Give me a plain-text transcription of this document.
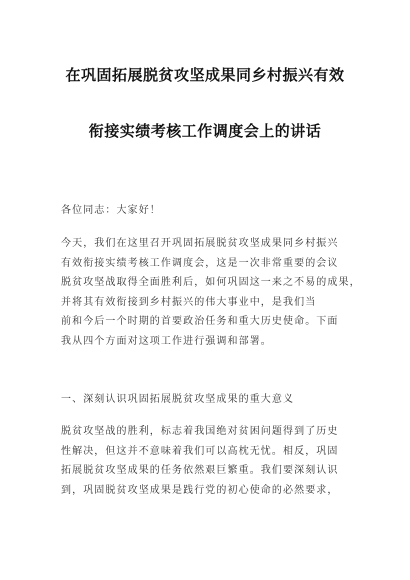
在巩固拓展脱贫攻坚成果同乡村振兴有效
衔接实绩考核工作调度会上的讲话
各位同志：大家好！
今天，我们在这里召开巩固拓展脱贫攻坚成果同乡村振兴
有效衔接实绩考核工作调度会，这是一次非常重要的会议
脱贫攻坚战取得全面胜利后，如何巩固这一来之不易的成果，
并将其有效衔接到乡村振兴的伟大事业中，是我们当
前和今后一个时期的首要政治任务和重大历史使命。下面
我从四个方面对这项工作进行强调和部署。
一、深刻认识巩固拓展脱贫攻坚成果的重大意义
脱贫攻坚战的胜利，标志着我国绝对贫困问题得到了历史
性解决，但这并不意味着我们可以高枕无忧。相反，巩固
拓展脱贫攻坚成果的任务依然艰巨繁重。我们要深刻认识
到，巩固脱贫攻坚成果是践行党的初心使命的必然要求，
